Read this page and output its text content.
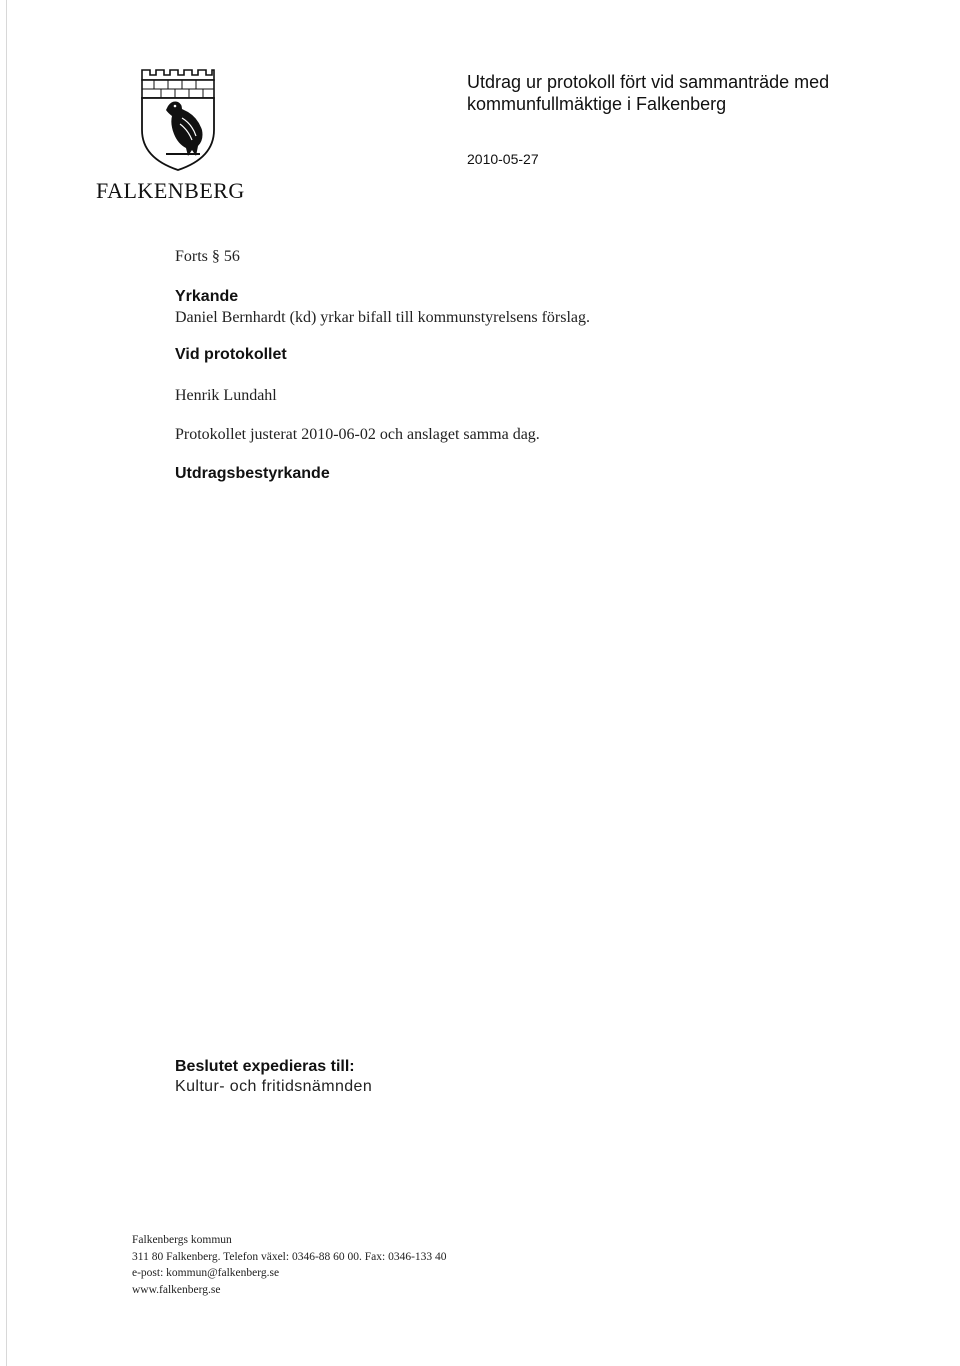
FALKENBERG
Utdrag ur protokoll fört vid sammanträde med kommunfullmäktige i Falkenberg
2010-05-27
Forts § 56
Yrkande
Daniel Bernhardt (kd) yrkar bifall till kommunstyrelsens förslag.
Vid protokollet
Henrik Lundahl
Protokollet justerat 2010-06-02 och anslaget samma dag.
Utdragsbestyrkande
Beslutet expedieras till:
Kultur- och fritidsnämnden
Falkenbergs kommun
311 80 Falkenberg. Telefon växel: 0346-88 60 00. Fax: 0346-133 40
e-post: kommun@falkenberg.se
www.falkenberg.se
